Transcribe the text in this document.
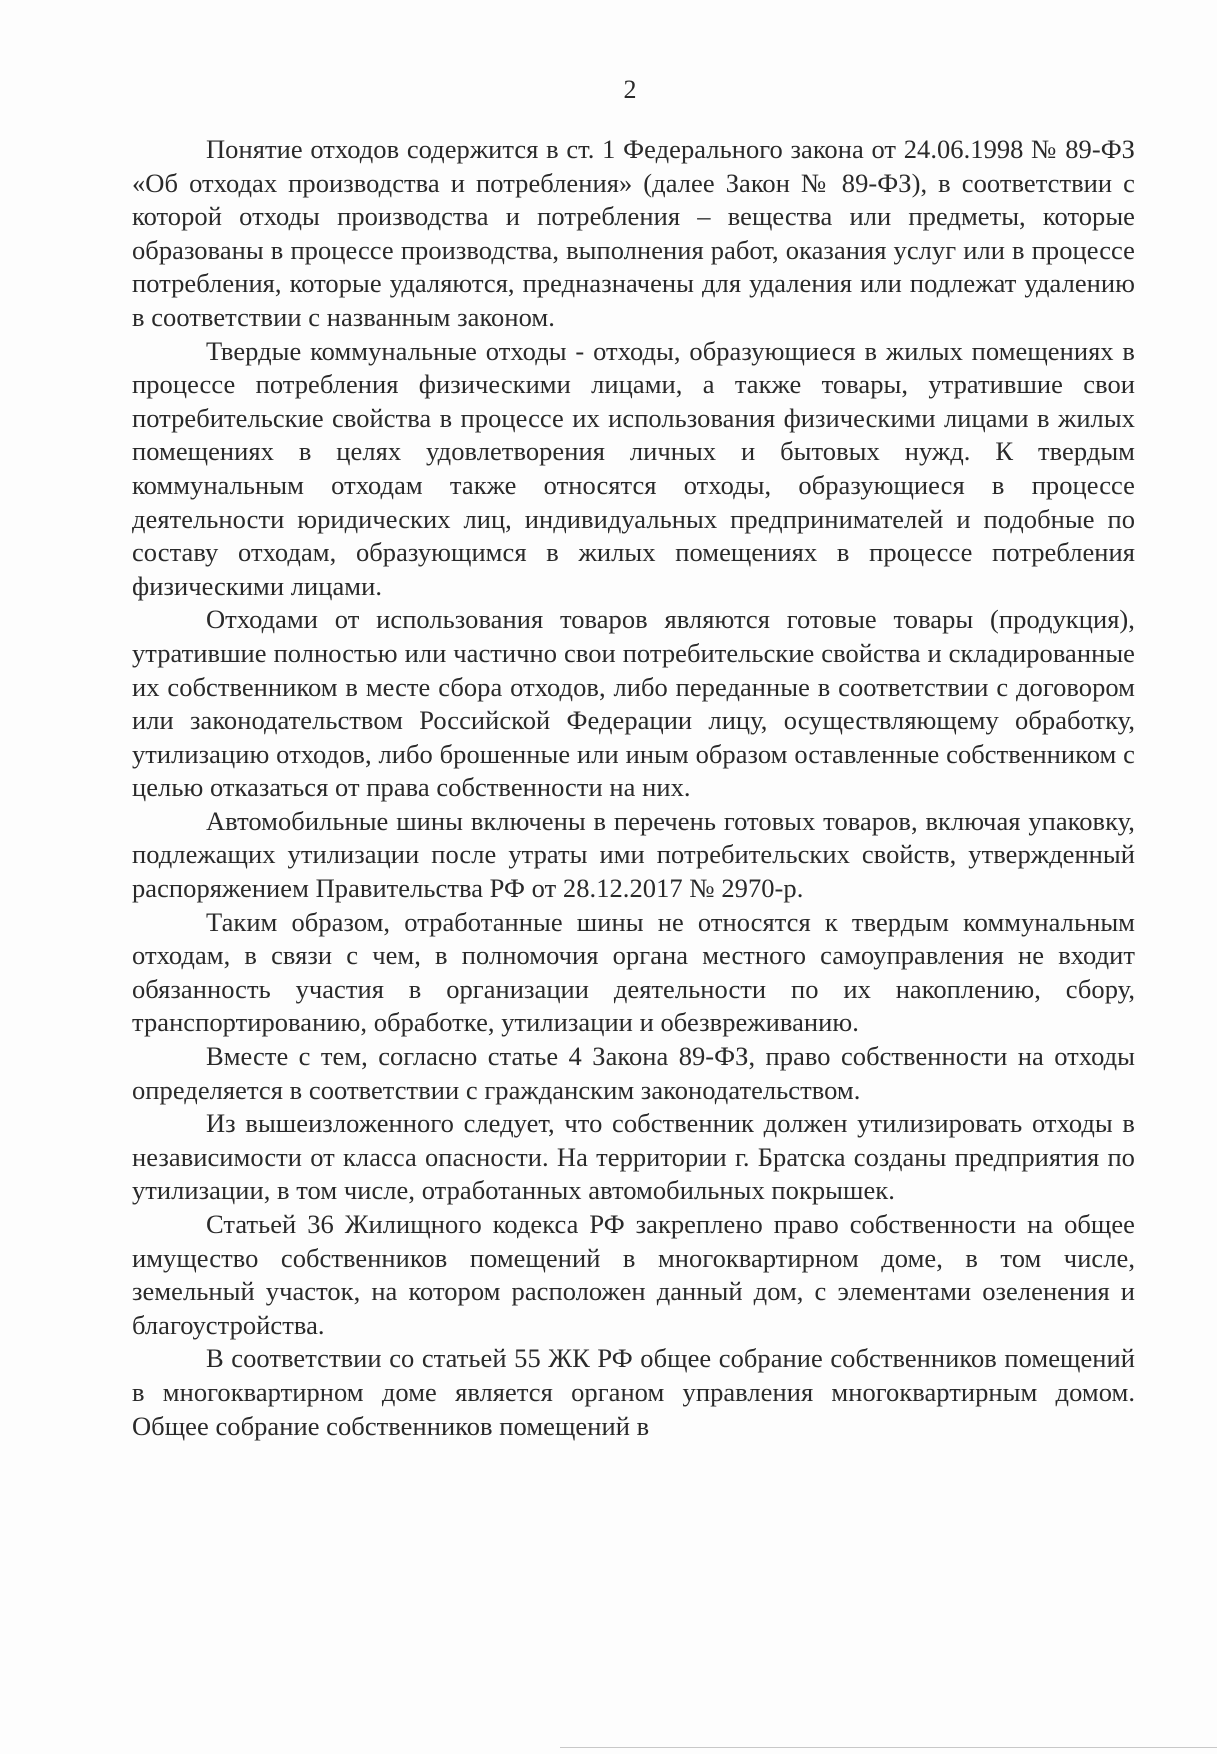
2

Понятие отходов содержится в ст. 1 Федерального закона от 24.06.1998 № 89-ФЗ «Об отходах производства и потребления» (далее Закон № 89-ФЗ), в соответствии с которой отходы производства и потребления – вещества или предметы, которые образованы в процессе производства, выполнения работ, оказания услуг или в процессе потребления, которые удаляются, предназначены для удаления или подлежат удалению в соответствии с названным законом.

Твердые коммунальные отходы - отходы, образующиеся в жилых помещениях в процессе потребления физическими лицами, а также товары, утратившие свои потребительские свойства в процессе их использования физическими лицами в жилых помещениях в целях удовлетворения личных и бытовых нужд. К твердым коммунальным отходам также относятся отходы, образующиеся в процессе деятельности юридических лиц, индивидуальных предпринимателей и подобные по составу отходам, образующимся в жилых помещениях в процессе потребления физическими лицами.

Отходами от использования товаров являются готовые товары (продукция), утратившие полностью или частично свои потребительские свойства и складированные их собственником в месте сбора отходов, либо переданные в соответствии с договором или законодательством Российской Федерации лицу, осуществляющему обработку, утилизацию отходов, либо брошенные или иным образом оставленные собственником с целью отказаться от права собственности на них.

Автомобильные шины включены в перечень готовых товаров, включая упаковку, подлежащих утилизации после утраты ими потребительских свойств, утвержденный распоряжением Правительства РФ от 28.12.2017 № 2970-р.

Таким образом, отработанные шины не относятся к твердым коммунальным отходам, в связи с чем, в полномочия органа местного самоуправления не входит обязанность участия в организации деятельности по их накоплению, сбору, транспортированию, обработке, утилизации и обезвреживанию.

Вместе с тем, согласно статье 4 Закона 89-ФЗ, право собственности на отходы определяется в соответствии с гражданским законодательством.

Из вышеизложенного следует, что собственник должен утилизировать отходы в независимости от класса опасности. На территории г. Братска созданы предприятия по утилизации, в том числе, отработанных автомобильных покрышек.

Статьей 36 Жилищного кодекса РФ закреплено право собственности на общее имущество собственников помещений в многоквартирном доме, в том числе, земельный участок, на котором расположен данный дом, с элементами озеленения и благоустройства.

В соответствии со статьей 55 ЖК РФ общее собрание собственников помещений в многоквартирном доме является органом управления многоквартирным домом. Общее собрание собственников помещений в
